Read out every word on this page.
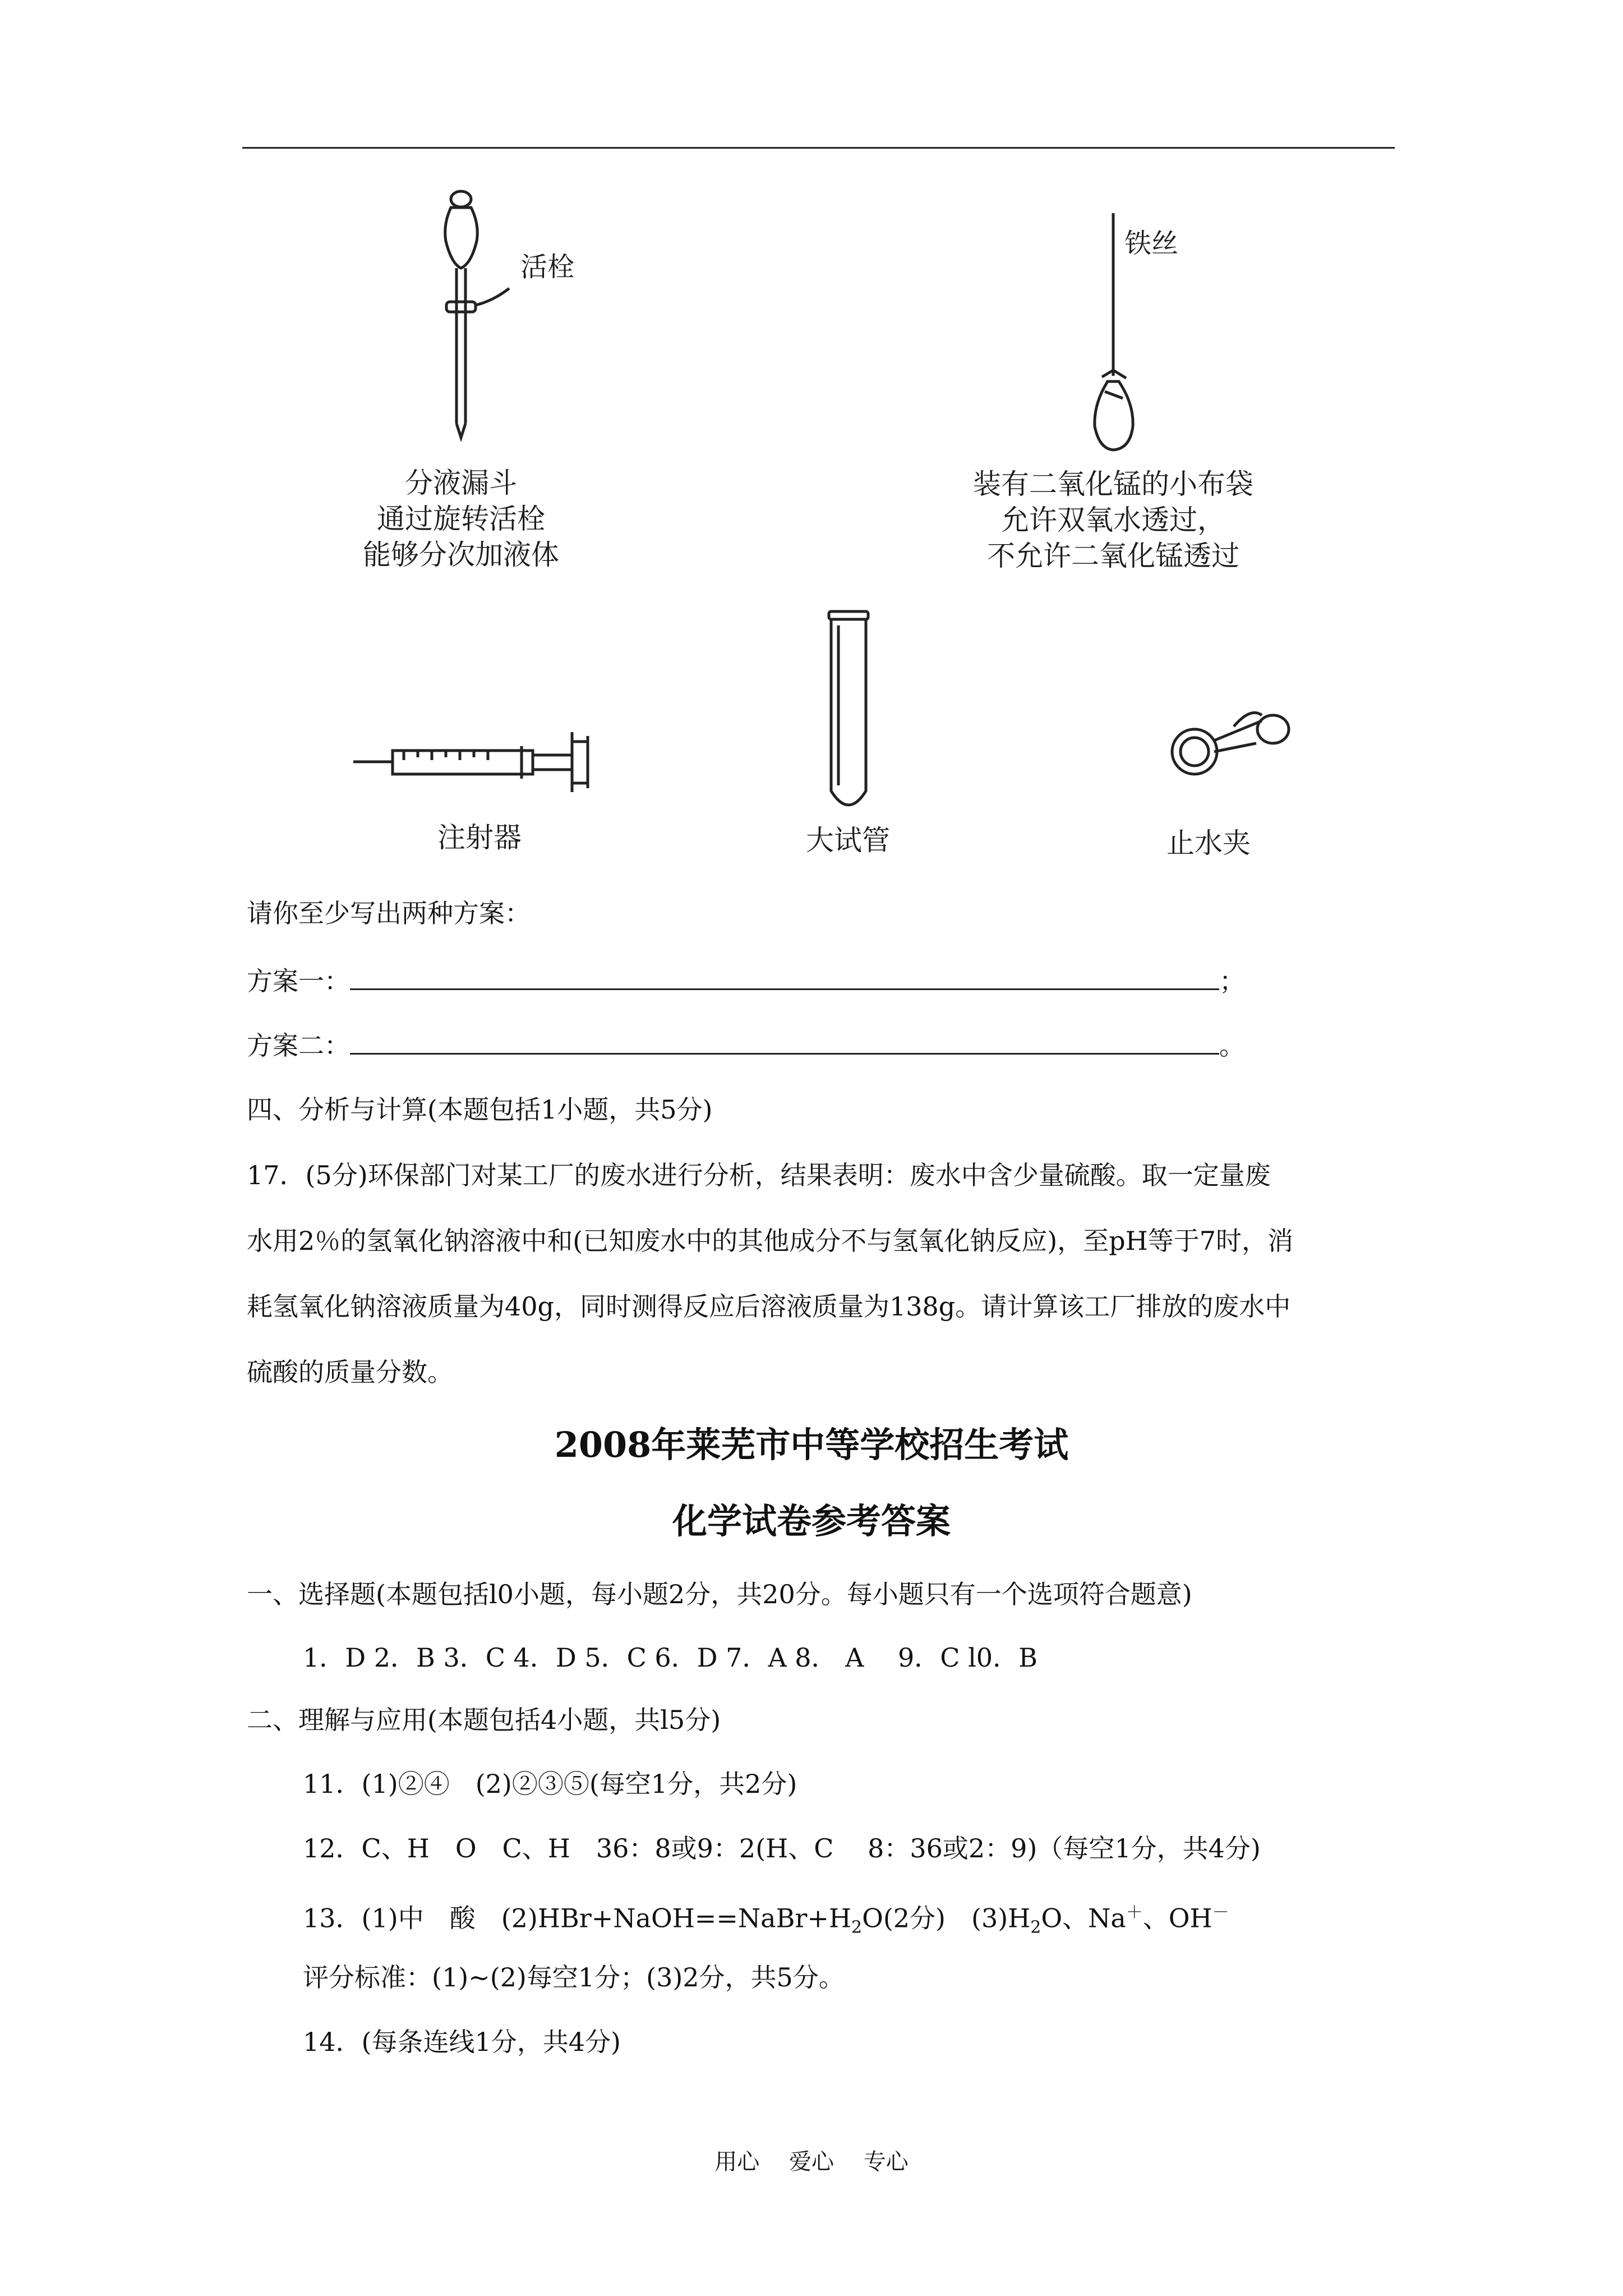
活栓
分液漏斗
通过旋转活栓
能够分次加液体
铁丝
装有二氧化锰的小布袋
允许双氧水透过，
不允许二氧化锰透过
注射器	大试管	止水夹
请你至少写出两种方案：
方案一：	；
方案二：	。
四、分析与计算(本题包括1小题，共5分)
17．(5分)环保部门对某工厂的废水进行分析，结果表明：废水中含少量硫酸。取一定量废
水用2％的氢氧化钠溶液中和(已知废水中的其他成分不与氢氧化钠反应)，至pH等于7时，消
耗氢氧化钠溶液质量为40g，同时测得反应后溶液质量为138g。请计算该工厂排放的废水中
硫酸的质量分数。
2008年莱芜市中等学校招生考试
化学试卷参考答案
一、选择题(本题包括l0小题，每小题2分，共20分。每小题只有一个选项符合题意)
1．D 2．B 3．C 4．D 5．C 6．D 7．A 8． A　 9．C l0．B
二、理解与应用(本题包括4小题，共l5分)
11．(1)②④　(2)②③⑤(每空1分，共2分)
12．C、H　O　C、H　36：8或9：2(H、C　 8：36或2：9)（每空1分，共4分)
13．(1)中　酸　$(2)HBr+NaOH==NaBr+H_2O(2$分)　$(3)H_2O$、Na＋、OH－
评分标准：(1)~(2)每空1分；(3)2分，共5分。
14．(每条连线1分，共4分)
用心 爱心 专心
